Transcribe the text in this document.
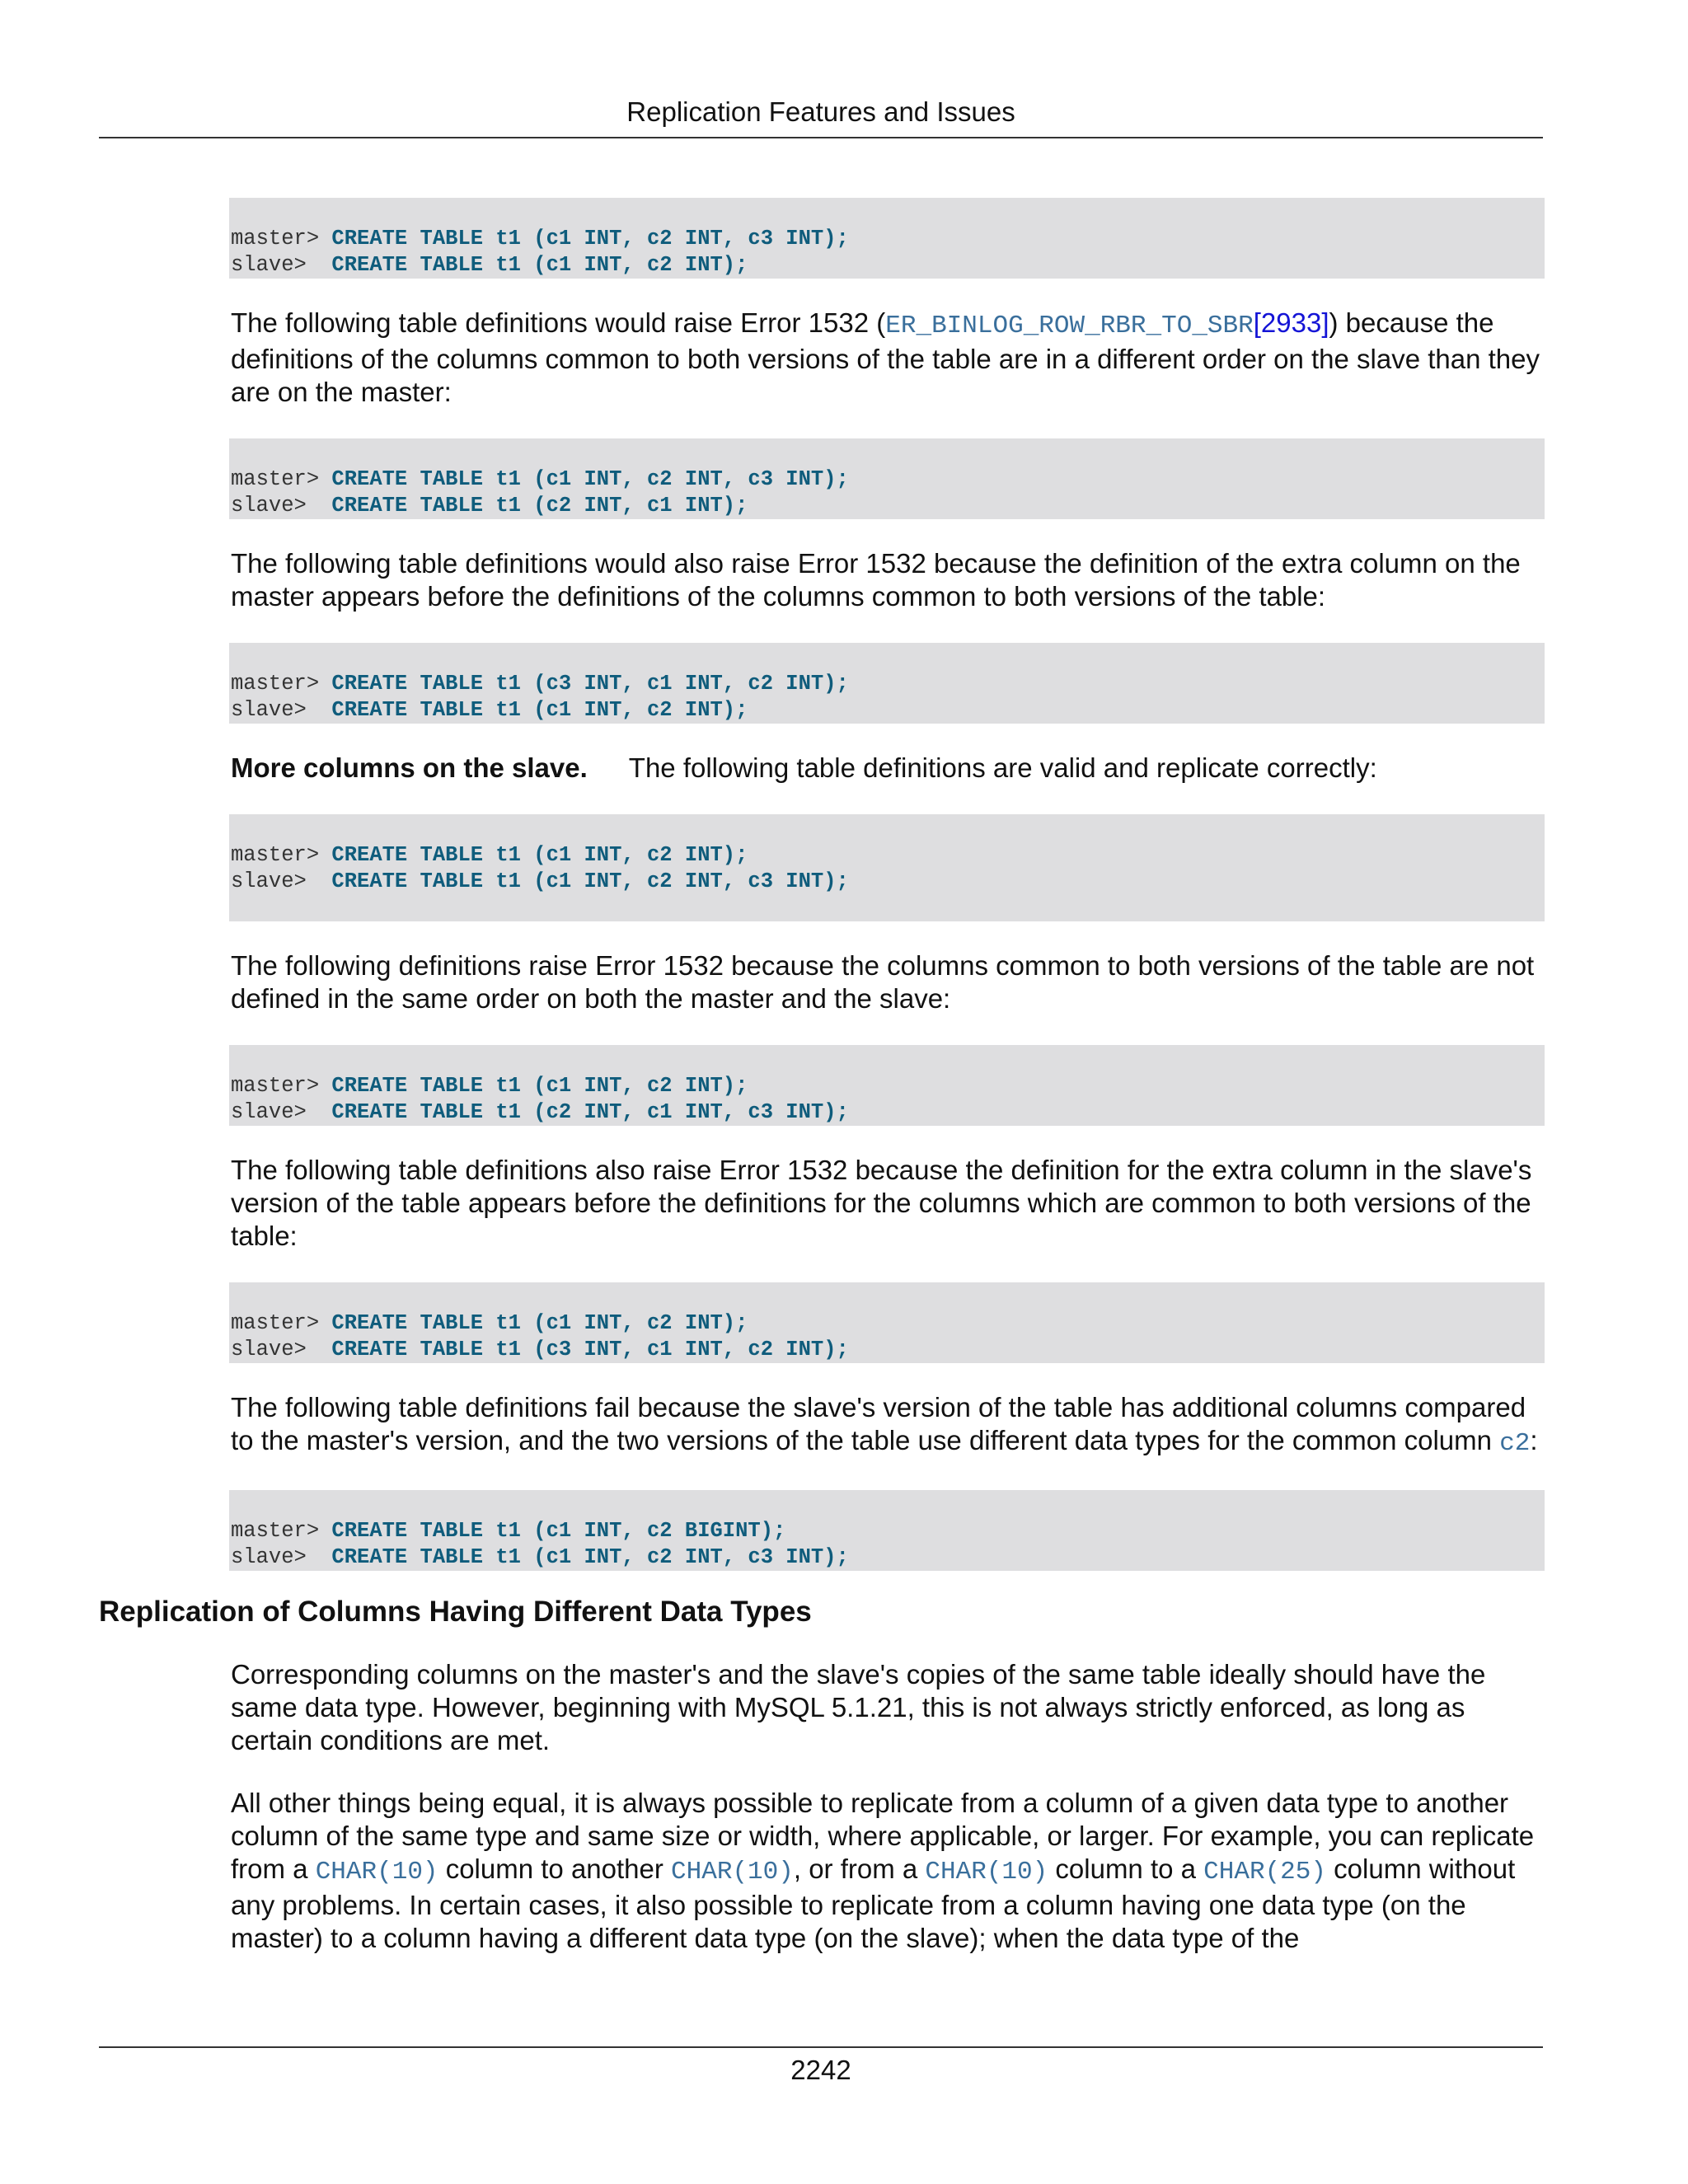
Replication Features and Issues
master> CREATE TABLE t1 (c1 INT, c2 INT, c3 INT);
slave>  CREATE TABLE t1 (c1 INT, c2 INT);

The following table definitions would raise Error 1532 (ER_BINLOG_ROW_RBR_TO_SBR[2933]) because the definitions of the columns common to both versions of the table are in a different order on the slave than they are on the master:

master> CREATE TABLE t1 (c1 INT, c2 INT, c3 INT);
slave>  CREATE TABLE t1 (c2 INT, c1 INT);

The following table definitions would also raise Error 1532 because the definition of the extra column on the master appears before the definitions of the columns common to both versions of the table:

master> CREATE TABLE t1 (c3 INT, c1 INT, c2 INT);
slave>  CREATE TABLE t1 (c1 INT, c2 INT);

More columns on the slave. The following table definitions are valid and replicate correctly:

master> CREATE TABLE t1 (c1 INT, c2 INT);
slave>  CREATE TABLE t1 (c1 INT, c2 INT, c3 INT);

The following definitions raise Error 1532 because the columns common to both versions of the table are not defined in the same order on both the master and the slave:

master> CREATE TABLE t1 (c1 INT, c2 INT);
slave>  CREATE TABLE t1 (c2 INT, c1 INT, c3 INT);

The following table definitions also raise Error 1532 because the definition for the extra column in the slave's version of the table appears before the definitions for the columns which are common to both versions of the table:

master> CREATE TABLE t1 (c1 INT, c2 INT);
slave>  CREATE TABLE t1 (c3 INT, c1 INT, c2 INT);

The following table definitions fail because the slave's version of the table has additional columns compared to the master's version, and the two versions of the table use different data types for the common column c2:

master> CREATE TABLE t1 (c1 INT, c2 BIGINT);
slave>  CREATE TABLE t1 (c1 INT, c2 INT, c3 INT);
Replication of Columns Having Different Data Types

Corresponding columns on the master's and the slave's copies of the same table ideally should have the same data type. However, beginning with MySQL 5.1.21, this is not always strictly enforced, as long as certain conditions are met.

All other things being equal, it is always possible to replicate from a column of a given data type to another column of the same type and same size or width, where applicable, or larger. For example, you can replicate from a CHAR(10) column to another CHAR(10), or from a CHAR(10) column to a CHAR(25) column without any problems. In certain cases, it also possible to replicate from a column having one data type (on the master) to a column having a different data type (on the slave); when the data type of the

2242
